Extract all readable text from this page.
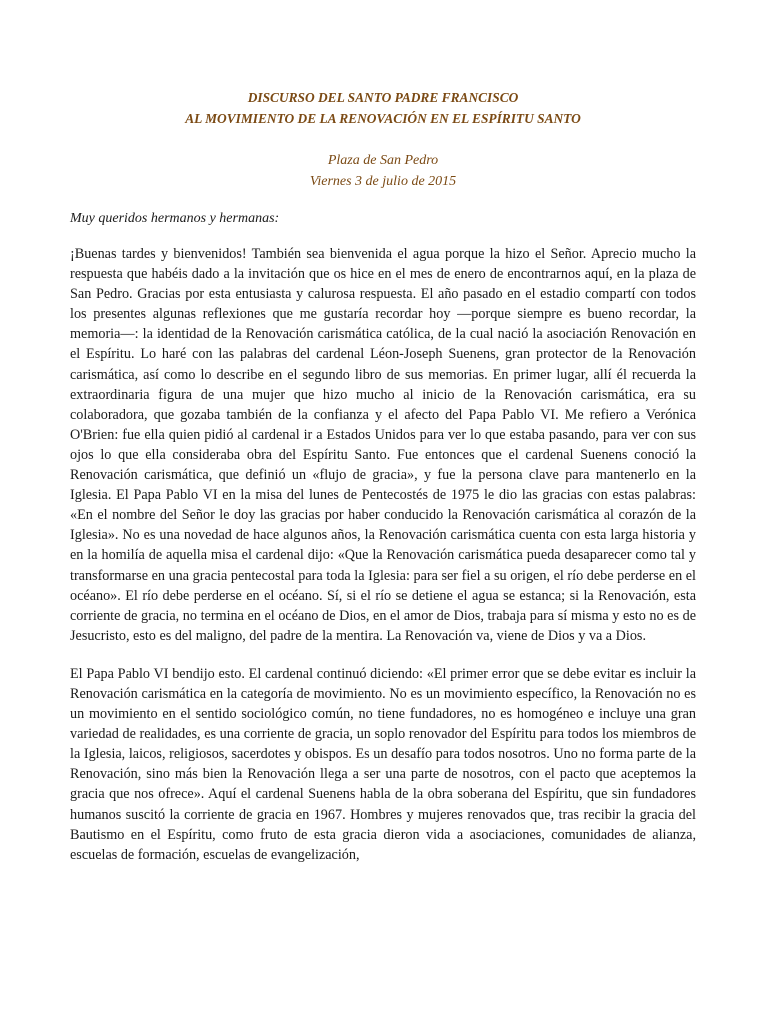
DISCURSO DEL SANTO PADRE FRANCISCO

AL MOVIMIENTO DE LA RENOVACIÓN EN EL ESPÍRITU SANTO

Plaza de San Pedro

Viernes 3 de julio de 2015

Muy queridos hermanos y hermanas:

¡Buenas tardes y bienvenidos! También sea bienvenida el agua porque la hizo el Señor. Aprecio mucho la respuesta que habéis dado a la invitación que os hice en el mes de enero de encontrarnos aquí, en la plaza de San Pedro. Gracias por esta entusiasta y calurosa respuesta. El año pasado en el estadio compartí con todos los presentes algunas reflexiones que me gustaría recordar hoy —porque siempre es bueno recordar, la memoria—: la identidad de la Renovación carismática católica, de la cual nació la asociación Renovación en el Espíritu. Lo haré con las palabras del cardenal Léon-Joseph Suenens, gran protector de la Renovación carismática, así como lo describe en el segundo libro de sus memorias. En primer lugar, allí él recuerda la extraordinaria figura de una mujer que hizo mucho al inicio de la Renovación carismática, era su colaboradora, que gozaba también de la confianza y el afecto del Papa Pablo VI. Me refiero a Verónica O'Brien: fue ella quien pidió al cardenal ir a Estados Unidos para ver lo que estaba pasando, para ver con sus ojos lo que ella consideraba obra del Espíritu Santo. Fue entonces que el cardenal Suenens conoció la Renovación carismática, que definió un «flujo de gracia», y fue la persona clave para mantenerlo en la Iglesia. El Papa Pablo VI en la misa del lunes de Pentecostés de 1975 le dio las gracias con estas palabras: «En el nombre del Señor le doy las gracias por haber conducido la Renovación carismática al corazón de la Iglesia». No es una novedad de hace algunos años, la Renovación carismática cuenta con esta larga historia y en la homilía de aquella misa el cardenal dijo: «Que la Renovación carismática pueda desaparecer como tal y transformarse en una gracia pentecostal para toda la Iglesia: para ser fiel a su origen, el río debe perderse en el océano». El río debe perderse en el océano. Sí, si el río se detiene el agua se estanca; si la Renovación, esta corriente de gracia, no termina en el océano de Dios, en el amor de Dios, trabaja para sí misma y esto no es de Jesucristo, esto es del maligno, del padre de la mentira. La Renovación va, viene de Dios y va a Dios.

El Papa Pablo VI bendijo esto. El cardenal continuó diciendo: «El primer error que se debe evitar es incluir la Renovación carismática en la categoría de movimiento. No es un movimiento específico, la Renovación no es un movimiento en el sentido sociológico común, no tiene fundadores, no es homogéneo e incluye una gran variedad de realidades, es una corriente de gracia, un soplo renovador del Espíritu para todos los miembros de la Iglesia, laicos, religiosos, sacerdotes y obispos. Es un desafío para todos nosotros. Uno no forma parte de la Renovación, sino más bien la Renovación llega a ser una parte de nosotros, con el pacto que aceptemos la gracia que nos ofrece». Aquí el cardenal Suenens habla de la obra soberana del Espíritu, que sin fundadores humanos suscitó la corriente de gracia en 1967. Hombres y mujeres renovados que, tras recibir la gracia del Bautismo en el Espíritu, como fruto de esta gracia dieron vida a asociaciones, comunidades de alianza, escuelas de formación, escuelas de evangelización,
